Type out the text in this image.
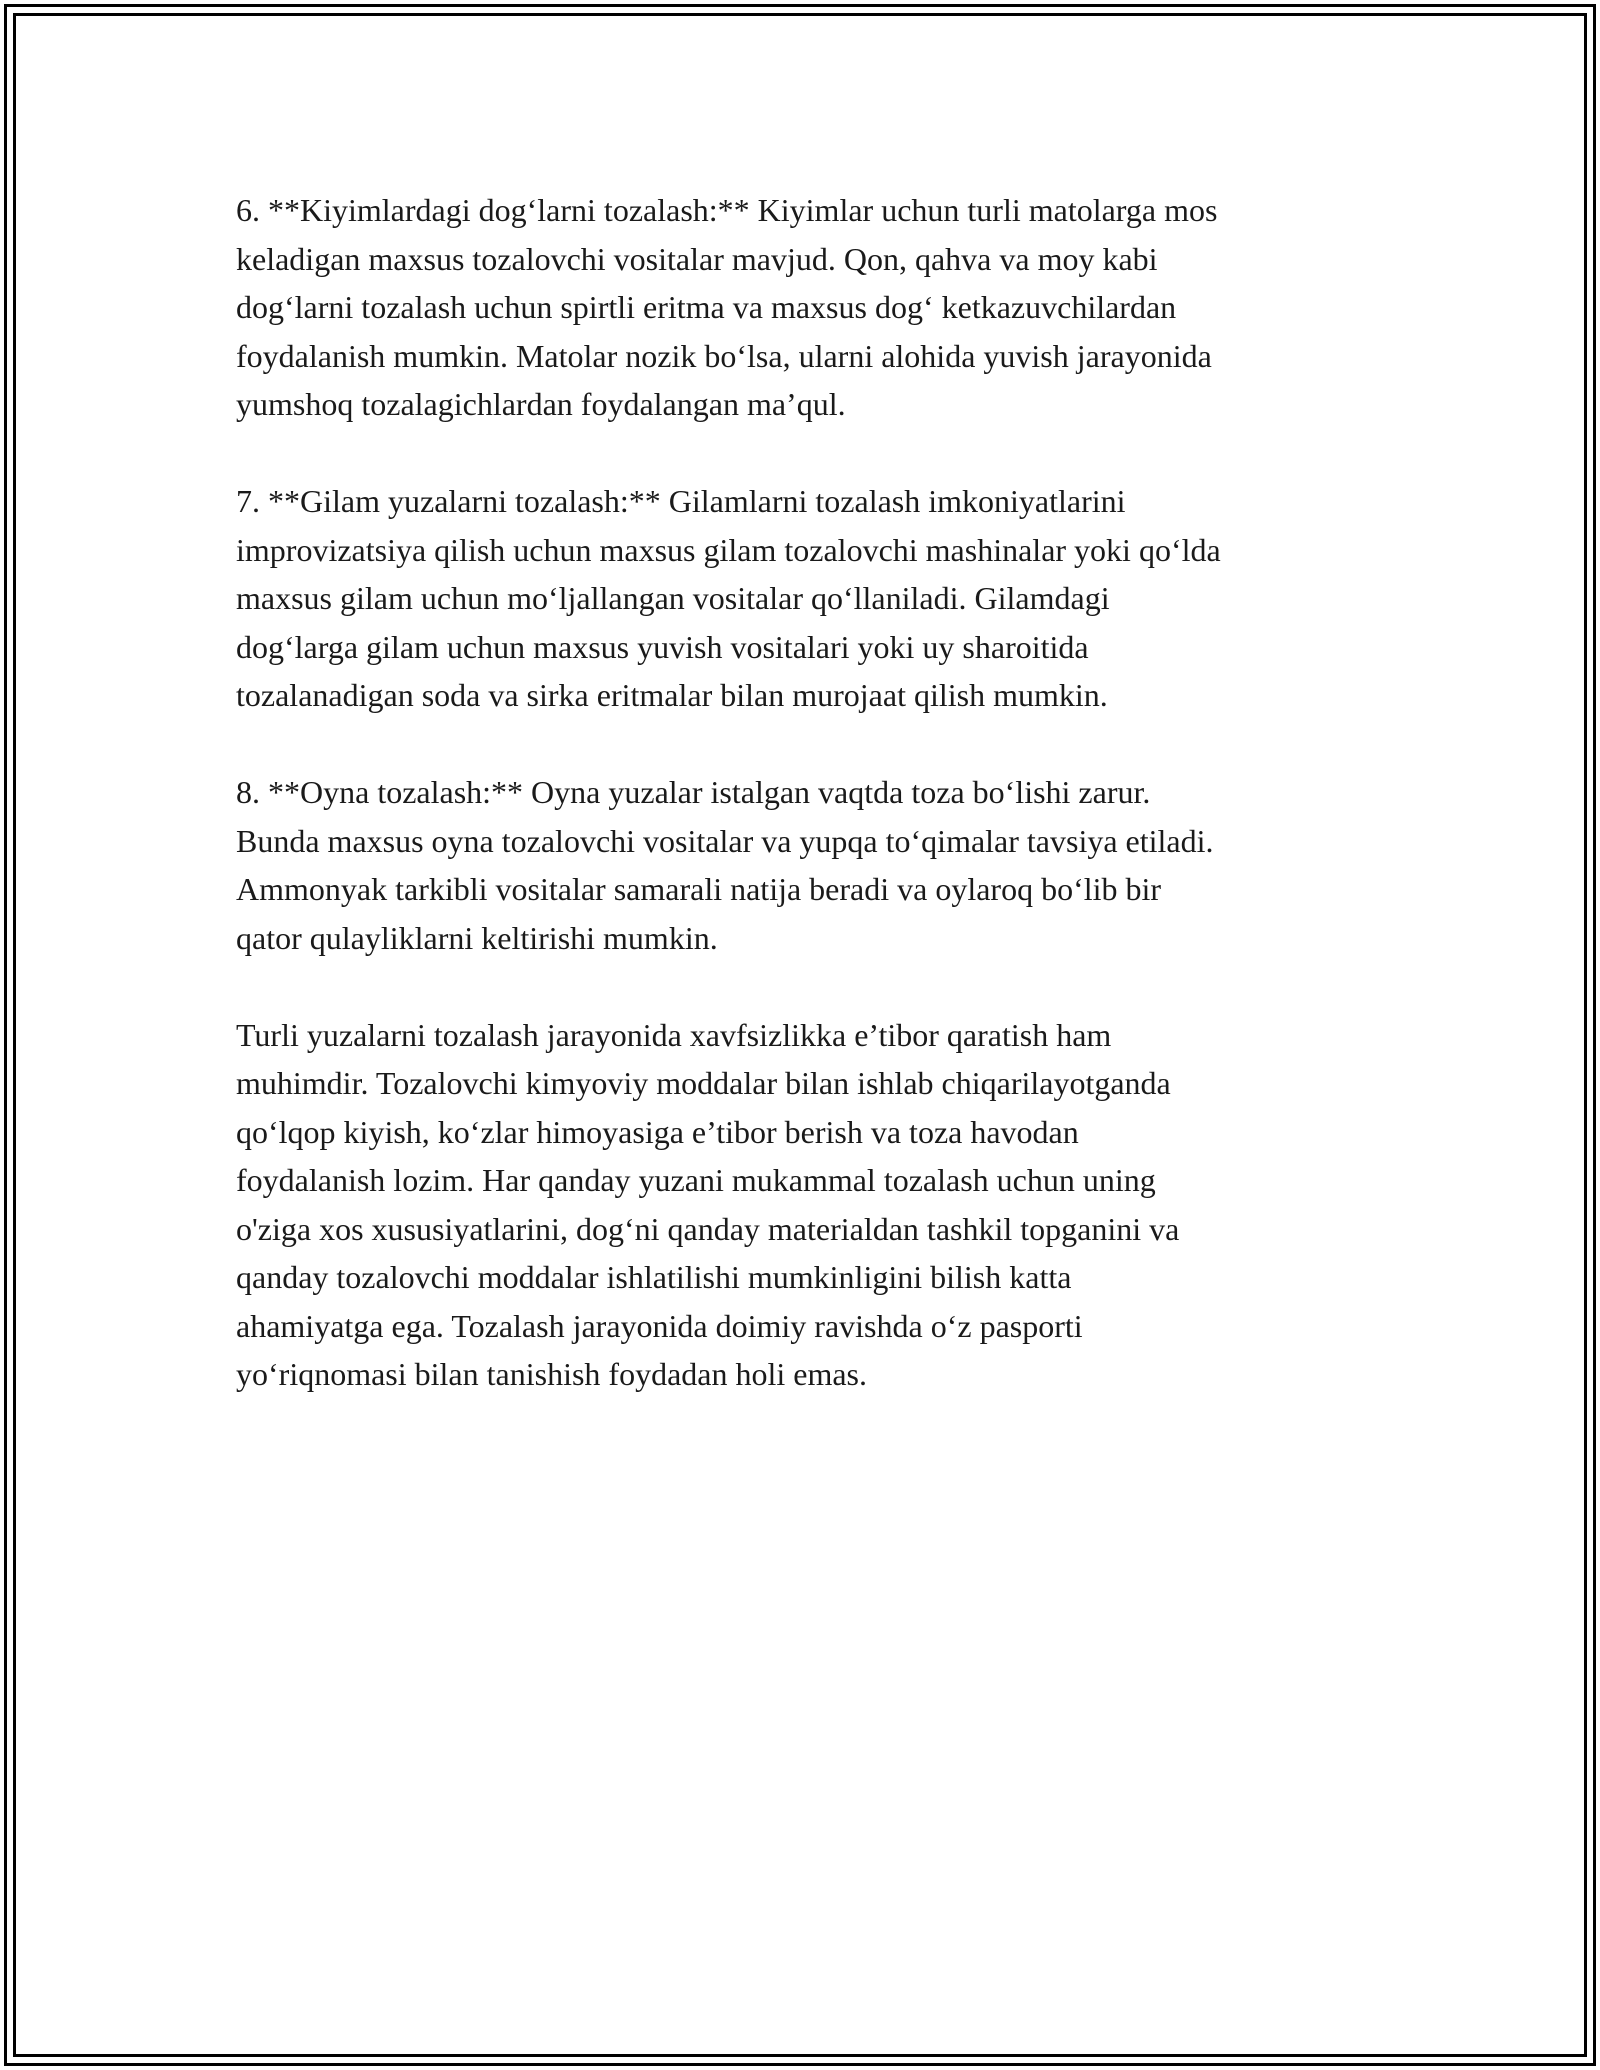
6. **Kiyimlardagi dog‘larni tozalash:** Kiyimlar uchun turli matolarga mos
keladigan maxsus tozalovchi vositalar mavjud. Qon, qahva va moy kabi
dog‘larni tozalash uchun spirtli eritma va maxsus dog‘ ketkazuvchilardan
foydalanish mumkin. Matolar nozik bo‘lsa, ularni alohida yuvish jarayonida
yumshoq tozalagichlardan foydalangan ma’qul.
7. **Gilam yuzalarni tozalash:** Gilamlarni tozalash imkoniyatlarini
improvizatsiya qilish uchun maxsus gilam tozalovchi mashinalar yoki qo‘lda
maxsus gilam uchun mo‘ljallangan vositalar qo‘llaniladi. Gilamdagi
dog‘larga gilam uchun maxsus yuvish vositalari yoki uy sharoitida
tozalanadigan soda va sirka eritmalar bilan murojaat qilish mumkin.
8. **Oyna tozalash:** Oyna yuzalar istalgan vaqtda toza bo‘lishi zarur.
Bunda maxsus oyna tozalovchi vositalar va yupqa to‘qimalar tavsiya etiladi.
Ammonyak tarkibli vositalar samarali natija beradi va oylaroq bo‘lib bir
qator qulayliklarni keltirishi mumkin.
Turli yuzalarni tozalash jarayonida xavfsizlikka e’tibor qaratish ham
muhimdir. Tozalovchi kimyoviy moddalar bilan ishlab chiqarilayotganda
qo‘lqop kiyish, ko‘zlar himoyasiga e’tibor berish va toza havodan
foydalanish lozim. Har qanday yuzani mukammal tozalash uchun uning
o'ziga xos xususiyatlarini, dog‘ni qanday materialdan tashkil topganini va
qanday tozalovchi moddalar ishlatilishi mumkinligini bilish katta
ahamiyatga ega. Tozalash jarayonida doimiy ravishda o‘z pasporti
yo‘riqnomasi bilan tanishish foydadan holi emas.
